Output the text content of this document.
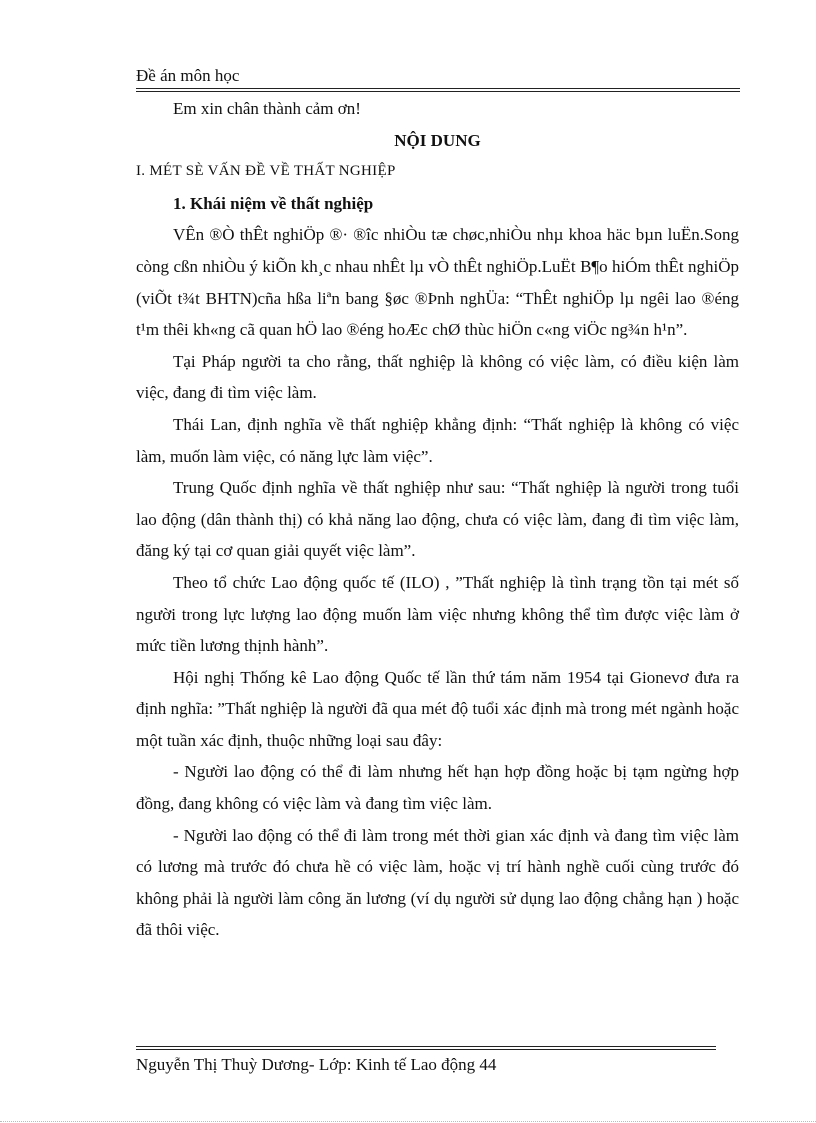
Đề án môn học

Em xin chân thành cảm ơn!

NỘI DUNG

I. MÉT SÈ VẤN ĐỀ VỀ THẤT NGHIỆP

1. Khái niệm về thất nghiệp

VÊn ®Ò thÊt nghiÖp ®· ®îc nhiÒu tæ chøc,nhiÒu nhµ khoa häc bµn luËn.Song còng cßn nhiÒu ý kiÕn kh¸c nhau nhÊt lµ vÒ thÊt nghiÖp.LuËt B¶o hiÓm thÊt nghiÖp (viÕt t¾t BHTN)cña hßa liªn bang §øc ®Þnh nghÜa: “ThÊt nghiÖp lµ ngêi lao ®éng t¹m thêi kh«ng cã quan hÖ lao ®éng hoÆc chØ thùc hiÖn c«ng viÖc ng¾n h¹n”.

Tại Pháp người ta cho rằng, thất nghiệp là không có việc làm, có điều kiện làm việc, đang đi tìm việc làm.

Thái Lan, định nghĩa về thất nghiệp khẳng định: “Thất nghiệp là không có việc làm, muốn làm việc, có năng lực làm việc”.

Trung Quốc định nghĩa về thất nghiệp như sau: “Thất nghiệp là người trong tuổi lao động (dân thành thị) có khả năng lao động, chưa có việc làm, đang đi tìm việc làm, đăng ký tại cơ quan giải quyết việc làm”.

Theo tổ chức Lao động quốc tế (ILO) , ”Thất nghiệp là tình trạng tồn tại mét số người trong lực lượng lao động muốn làm việc nhưng không thể tìm được việc làm ở mức tiền lương thịnh hành”.

Hội nghị Thống kê Lao động Quốc tế lần thứ tám năm 1954 tại Gionevơ đưa ra định nghĩa: ”Thất nghiệp là người đã qua mét độ tuổi xác định mà trong mét ngành hoặc một tuần xác định, thuộc những loại sau đây:

- Người lao động có thể đi làm nhưng hết hạn hợp đồng hoặc bị tạm ngừng hợp đồng, đang không có việc làm và đang tìm việc làm.

- Người lao động có thể đi làm trong mét thời gian xác định và đang tìm việc làm có lương mà trước đó chưa hề có việc làm, hoặc vị trí hành nghề cuối cùng trước đó không phải là người làm công ăn lương (ví dụ người sử dụng lao động chẳng hạn ) hoặc đã thôi việc.

Nguyễn Thị Thuỳ Dương- Lớp: Kinh tế Lao động 44
